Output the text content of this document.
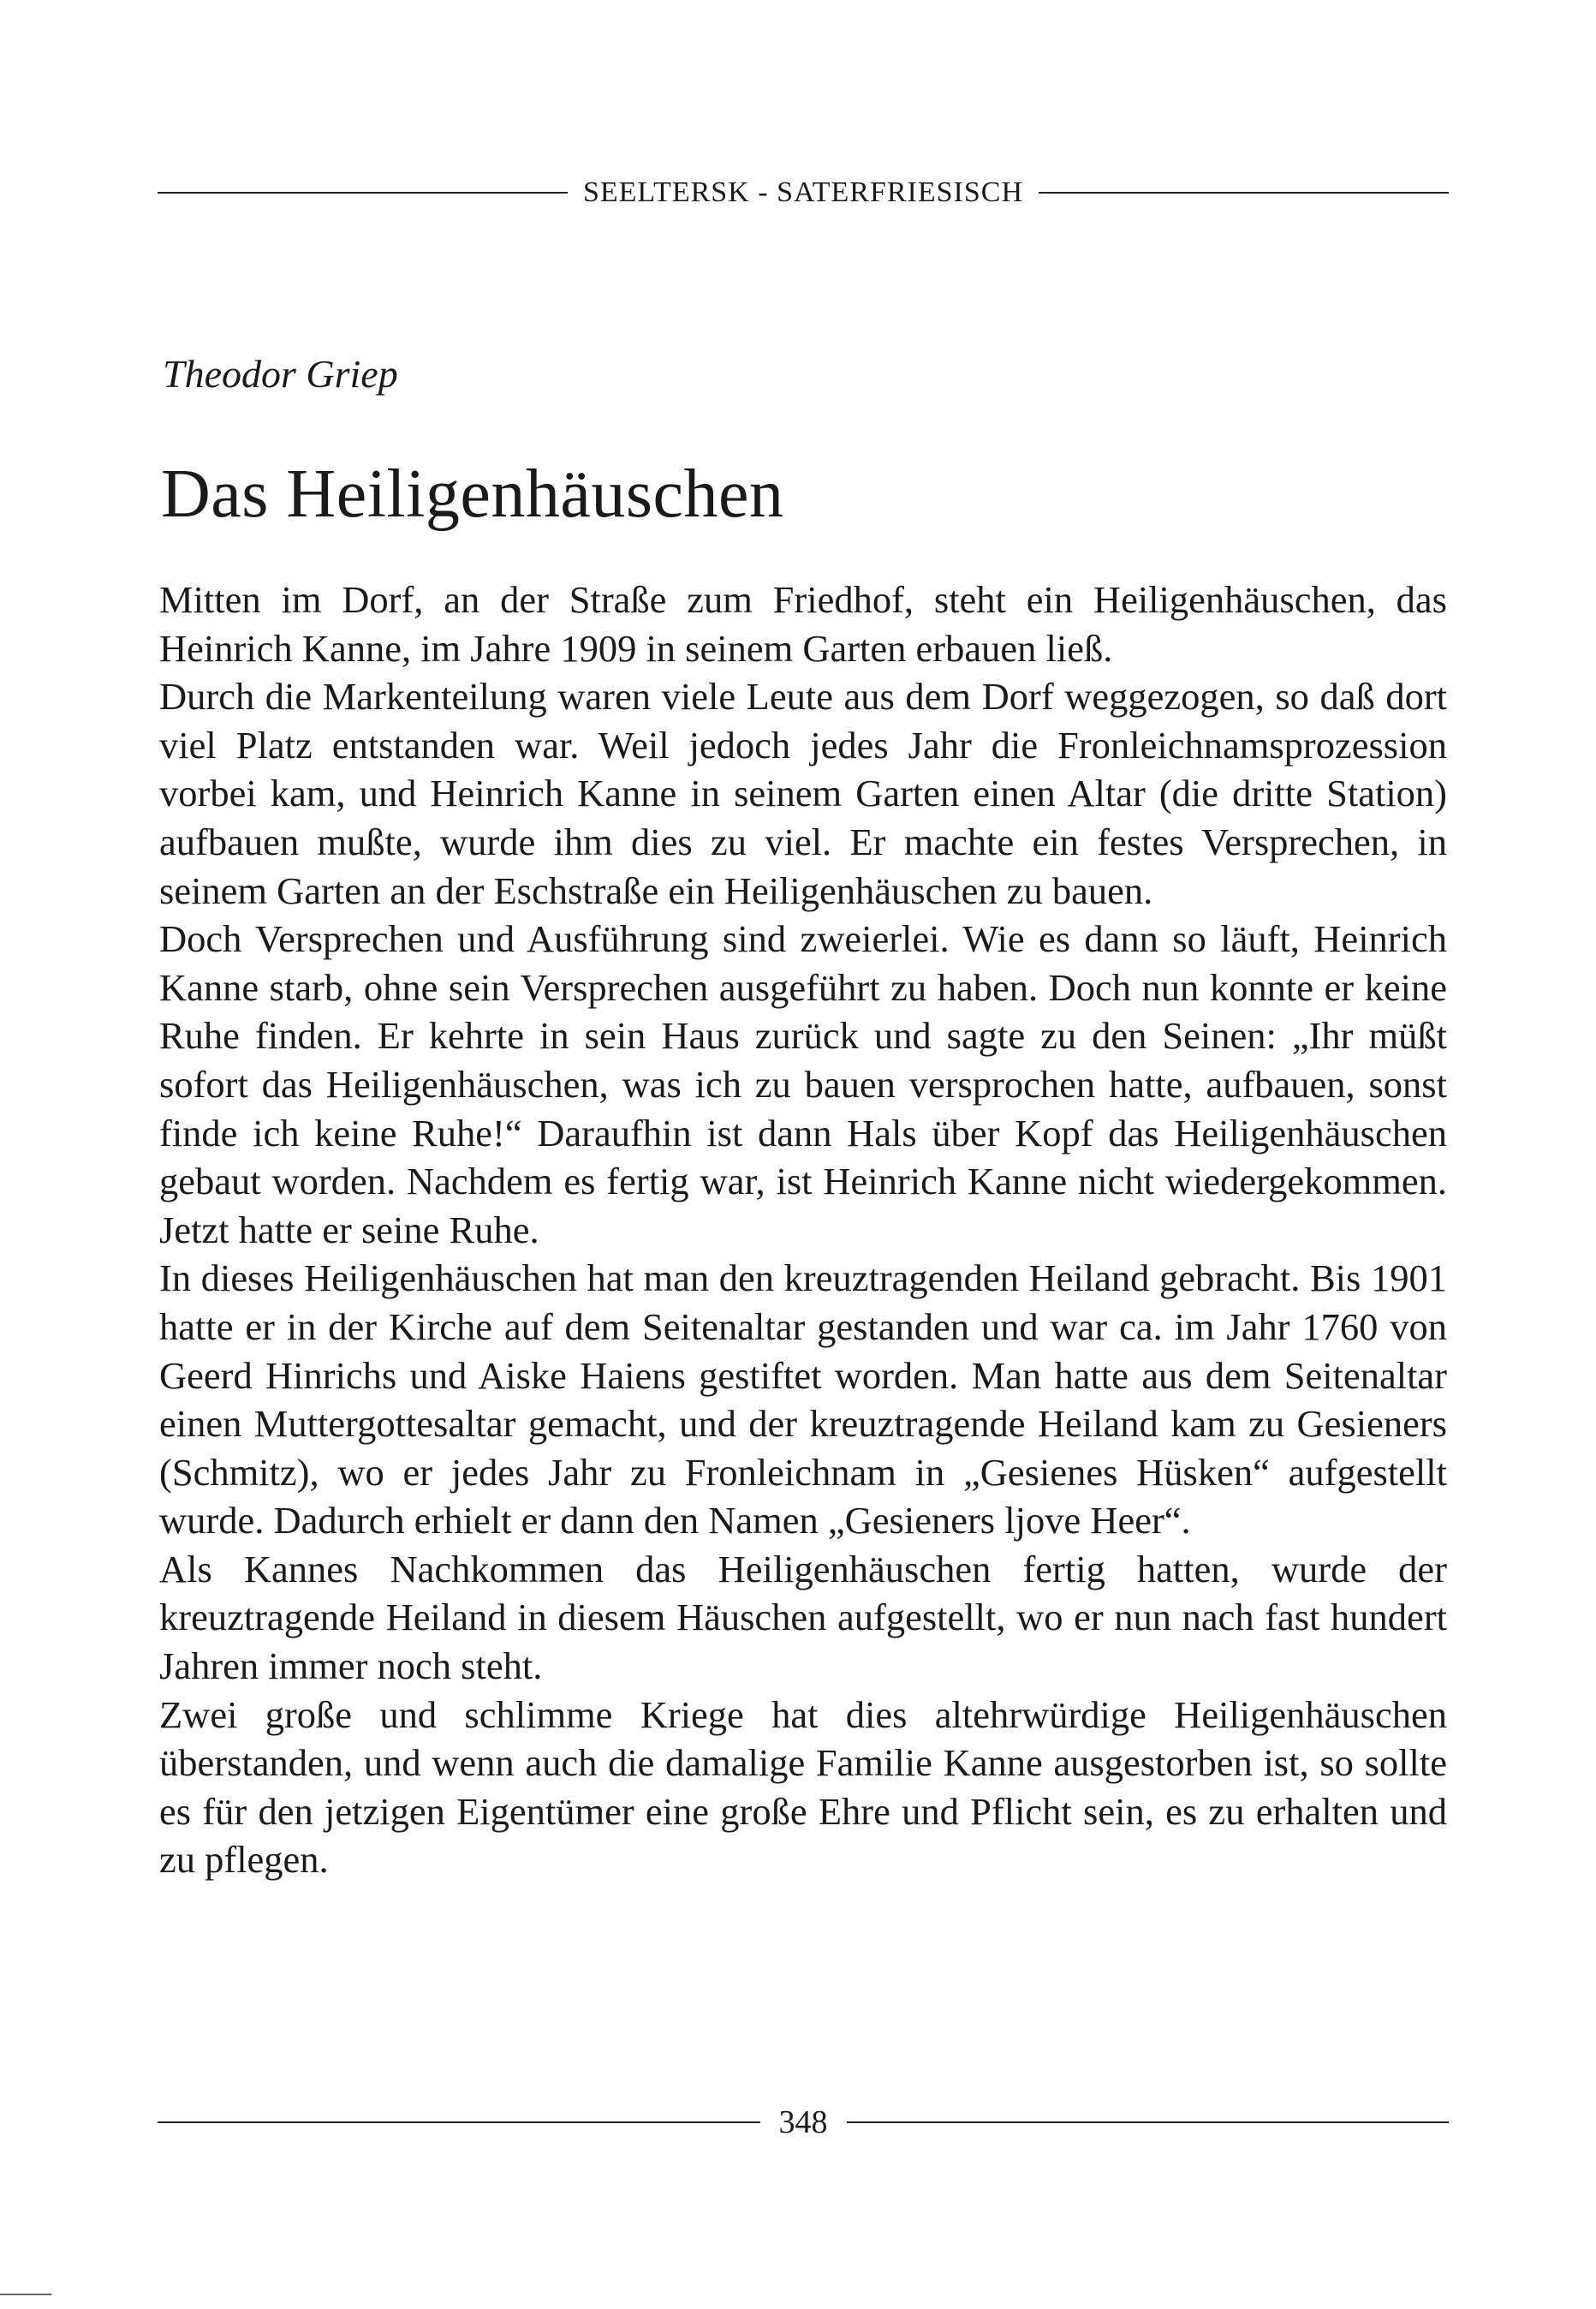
SEELTERSK - SATERFRIESISCH
Theodor Griep
Das Heiligenhäuschen

Mitten im Dorf, an der Straße zum Friedhof, steht ein Heiligenhäuschen, das Heinrich Kanne, im Jahre 1909 in seinem Garten erbauen ließ.

Durch die Markenteilung waren viele Leute aus dem Dorf weggezogen, so daß dort viel Platz entstanden war. Weil jedoch jedes Jahr die Fronleichnamsprozession vorbei kam, und Heinrich Kanne in seinem Garten einen Altar (die dritte Station) aufbauen mußte, wurde ihm dies zu viel. Er machte ein festes Versprechen, in seinem Garten an der Eschstraße ein Heiligenhäuschen zu bauen.

Doch Versprechen und Ausführung sind zweierlei. Wie es dann so läuft, Heinrich Kanne starb, ohne sein Versprechen ausgeführt zu haben. Doch nun konnte er keine Ruhe finden. Er kehrte in sein Haus zurück und sagte zu den Seinen: „Ihr müßt sofort das Heiligenhäuschen, was ich zu bauen versprochen hatte, aufbauen, sonst finde ich keine Ruhe!“ Daraufhin ist dann Hals über Kopf das Heiligenhäuschen gebaut worden. Nachdem es fertig war, ist Heinrich Kanne nicht wiedergekommen. Jetzt hatte er seine Ruhe.

In dieses Heiligenhäuschen hat man den kreuztragenden Heiland gebracht. Bis 1901 hatte er in der Kirche auf dem Seitenaltar gestanden und war ca. im Jahr 1760 von Geerd Hinrichs und Aiske Haiens gestiftet worden. Man hatte aus dem Seitenaltar einen Muttergottesaltar gemacht, und der kreuztragende Heiland kam zu Gesieners (Schmitz), wo er jedes Jahr zu Fronleichnam in „Gesienes Hüsken“ aufgestellt wurde. Dadurch erhielt er dann den Namen „Gesieners ljove Heer“.

Als Kannes Nachkommen das Heiligenhäuschen fertig hatten, wurde der kreuztragende Heiland in diesem Häuschen aufgestellt, wo er nun nach fast hundert Jahren immer noch steht.

Zwei große und schlimme Kriege hat dies altehrwürdige Heiligenhäuschen überstanden, und wenn auch die damalige Familie Kanne ausgestorben ist, so sollte es für den jetzigen Eigentümer eine große Ehre und Pflicht sein, es zu erhalten und zu pflegen.

348
